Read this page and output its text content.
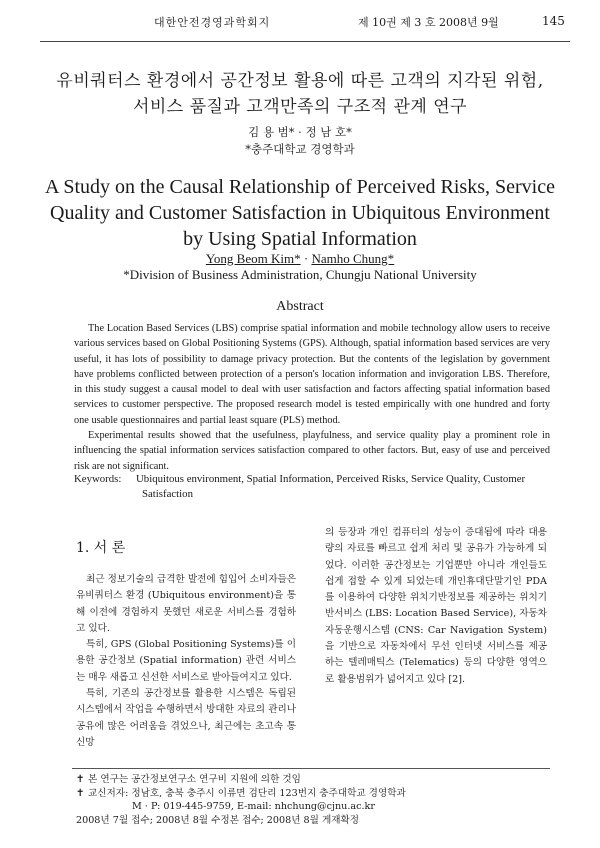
대한안전경영과학회지	제 10권 제 3 호 2008년 9월	145
유비쿼터스 환경에서 공간정보 활용에 따른 고객의 지각된 위험,
서비스 품질과 고객만족의 구조적 관계 연구
김 용 범* · 정 남 호*
*충주대학교 경영학과
A Study on the Causal Relationship of Perceived Risks, Service
Quality and Customer Satisfaction in Ubiquitous Environment
by Using Spatial Information
Yong Beom Kim* · Namho Chung*
*Division of Business Administration, Chungju National University
Abstract

The Location Based Services (LBS) comprise spatial information and mobile technology allow users to receive various services based on Global Positioning Systems (GPS). Although, spatial information based services are very useful, it has lots of possibility to damage privacy protection. But the contents of the legislation by government have problems conflicted between protection of a person's location information and invigoration LBS. Therefore, in this study suggest a causal model to deal with user satisfaction and factors affecting spatial information based services to customer perspective. The proposed research model is tested empirically with one hundred and forty one usable questionnaires and partial least square (PLS) method.

Experimental results showed that the usefulness, playfulness, and service quality play a prominent role in influencing the spatial information services satisfaction compared to other factors. But, easy of use and perceived risk are not significant.

Keywords: Ubiquitous environment, Spatial Information, Perceived Risks, Service Quality, Customer
Satisfaction
1. 서 론

최근 정보기술의 급격한 발전에 힘입어 소비자들은 유비쿼터스 환경 (Ubiquitous environment)을 통해 이전에 경험하지 못했던 새로운 서비스를 경험하고 있다.

특히, GPS (Global Positioning Systems)를 이용한 공간정보 (Spatial information) 관련 서비스는 매우 새롭고 신선한 서비스로 받아들여지고 있다.

특히, 기존의 공간정보를 활용한 시스템은 독립된 시스템에서 작업을 수행하면서 방대한 자료의 관리나 공유에 많은 어려움을 겪었으나, 최근에는 초고속 통신망

의 등장과 개인 컴퓨터의 성능이 증대됨에 따라 대용량의 자료를 빠르고 쉽게 처리 및 공유가 가능하게 되었다. 이러한 공간정보는 기업뿐만 아니라 개인들도 쉽게 접할 수 있게 되었는데 개인휴대단말기인 PDA를 이용하여 다양한 위치기반정보를 제공하는 위치기반서비스 (LBS: Location Based Service), 자동차 자동운행시스템 (CNS: Car Navigation System)을 기반으로 자동차에서 무선 인터넷 서비스를 제공하는 텔레매틱스 (Telematics) 등의 다양한 영역으로 활용범위가 넓어지고 있다 [2].

✝ 본 연구는 공간정보연구소 연구비 지원에 의한 것임
✝ 교신저자: 정남호, 충북 충주시 이류면 검단리 123번지 충주대학교 경영학과
M · P: 019-445-9759, E-mail: nhchung@cjnu.ac.kr
2008년 7월 접수; 2008년 8월 수정본 접수; 2008년 8월 게재확정
